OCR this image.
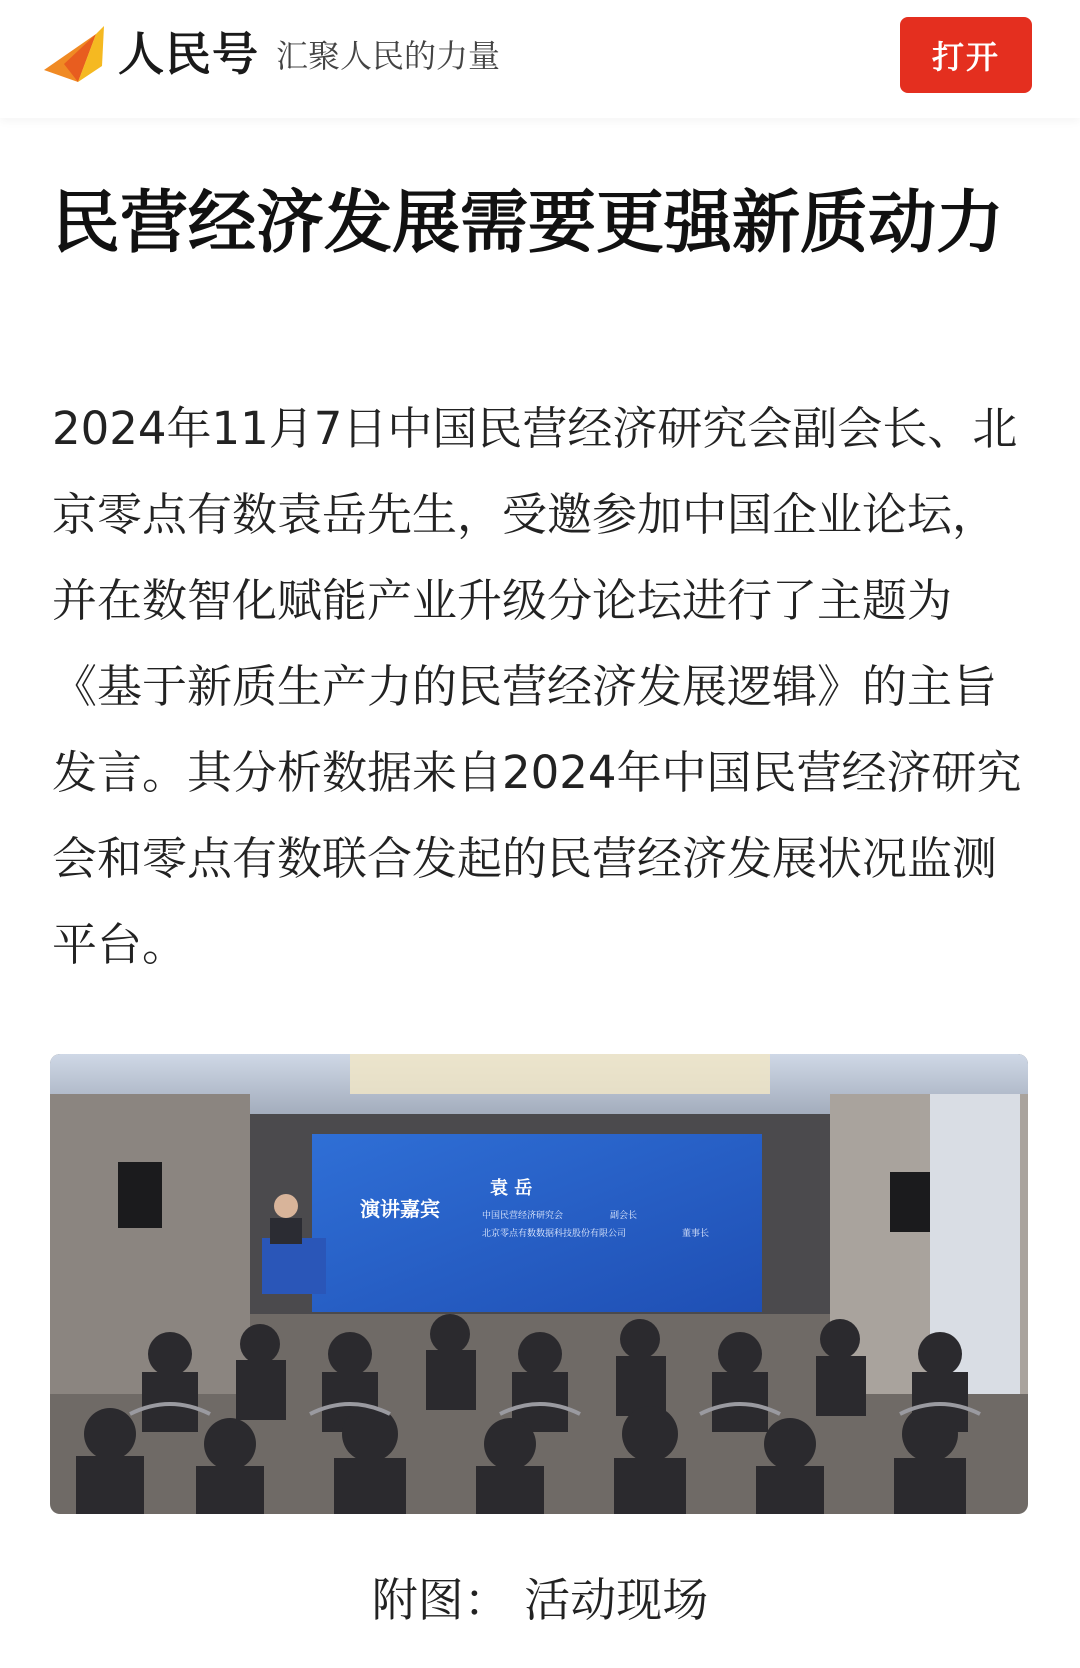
人民号 汇聚人民的力量	打开
民营经济发展需要更强新质动力

2024年11月7日中国民营经济研究会副会长、北京零点有数袁岳先生，受邀参加中国企业论坛，并在数智化赋能产业升级分论坛进行了主题为《基于新质生产力的民营经济发展逻辑》的主旨发言。其分析数据来自2024年中国民营经济研究会和零点有数联合发起的民营经济发展状况监测平台。

演讲嘉宾
袁 岳
中国民营经济研究会	副会长
北京零点有数数据科技股份有限公司	董事长
附图： 活动现场
